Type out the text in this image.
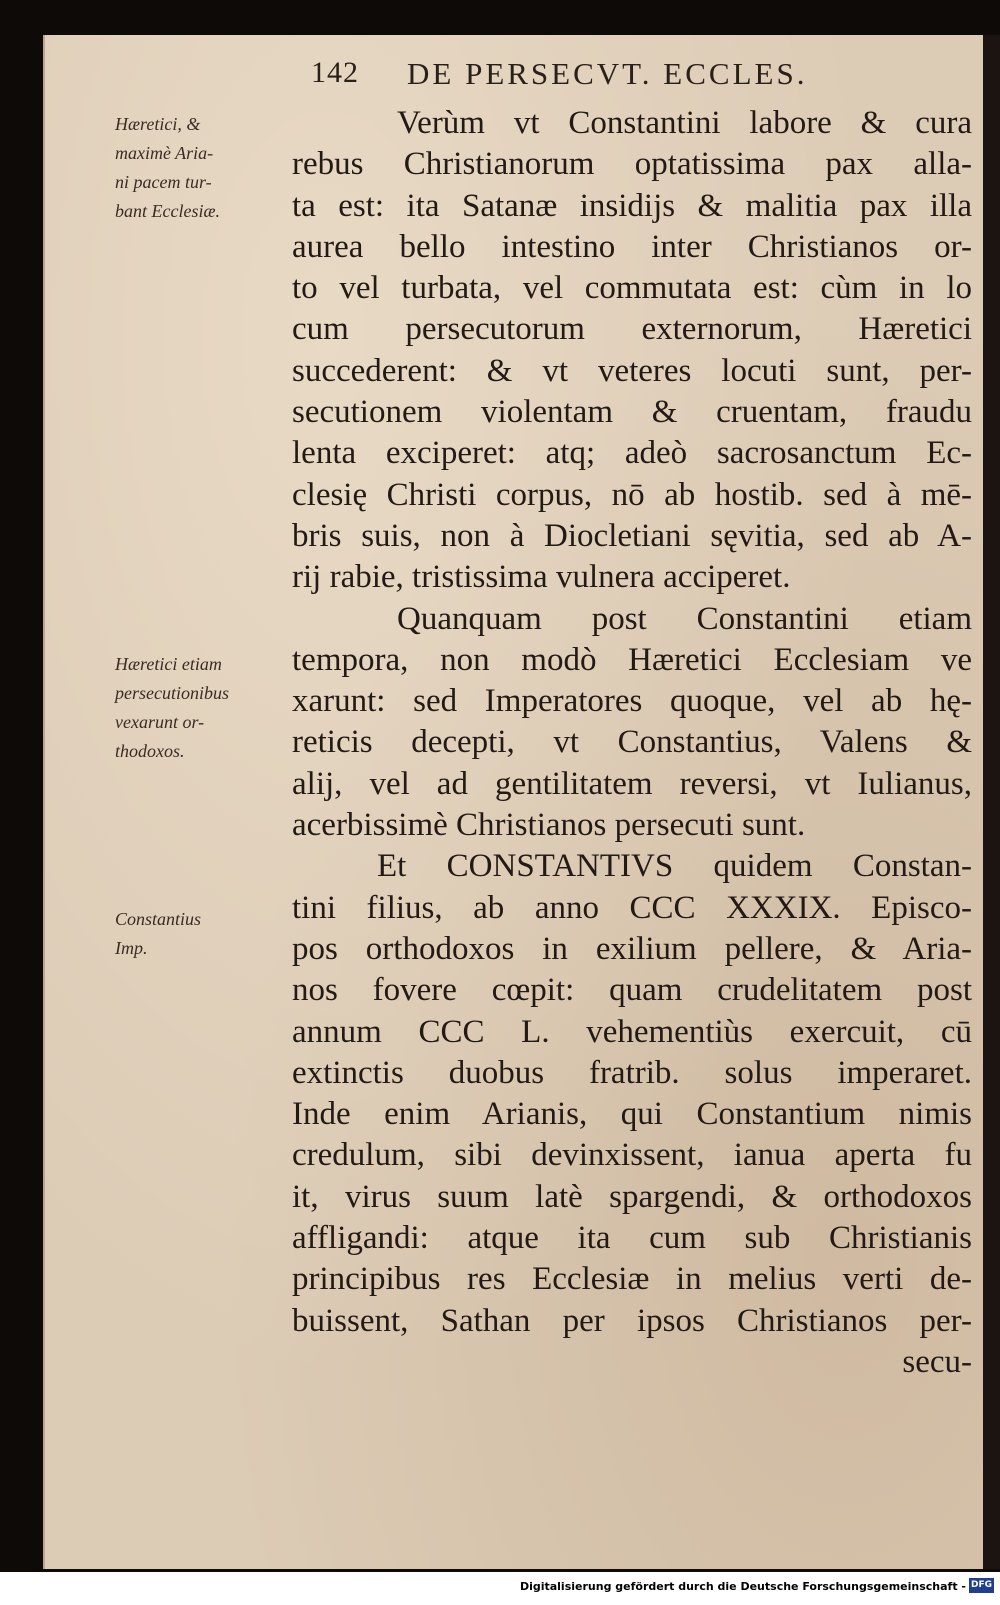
142 DE PERSECVT. ECCLES.
Hæretici, &
maximè Aria-
ni pacem tur-
bant Ecclesiæ.
Hæretici etiam
persecutionibus
vexarunt or-
thodoxos.
Constantius
Imp.
Verùm vt Constantini labore & cura
rebus Christianorum optatissima pax alla-
ta est: ita Satanæ insidijs & malitia pax illa
aurea bello intestino inter Christianos or-
to vel turbata, vel commutata est: cùm in lo
cum persecutorum externorum, Hæretici
succederent: & vt veteres locuti sunt, per-
secutionem violentam & cruentam, fraudu
lenta exciperet: atq; adeò sacrosanctum Ec-
clesię Christi corpus, nō ab hostib. sed à mē-
bris suis, non à Diocletiani sęvitia, sed ab A-
rij rabie, tristissima vulnera acciperet.
Quanquam post Constantini etiam
tempora, non modò Hæretici Ecclesiam ve
xarunt: sed Imperatores quoque, vel ab hę-
reticis decepti, vt Constantius, Valens &
alij, vel ad gentilitatem reversi, vt Iulianus,
acerbissimè Christianos persecuti sunt.
Et CONSTANTIVS quidem Constan-
tini filius, ab anno CCC XXXIX. Episco-
pos orthodoxos in exilium pellere, & Aria-
nos fovere cœpit: quam crudelitatem post
annum CCC L. vehementiùs exercuit, cū
extinctis duobus fratrib. solus imperaret.
Inde enim Arianis, qui Constantium nimis
credulum, sibi devinxissent, ianua aperta fu
it, virus suum latè spargendi, & orthodoxos
affligandi: atque ita cum sub Christianis
principibus res Ecclesiæ in melius verti de-
buissent, Sathan per ipsos Christianos per-
secu-
Digitalisierung gefördert durch die Deutsche Forschungsgemeinschaft - DFG
